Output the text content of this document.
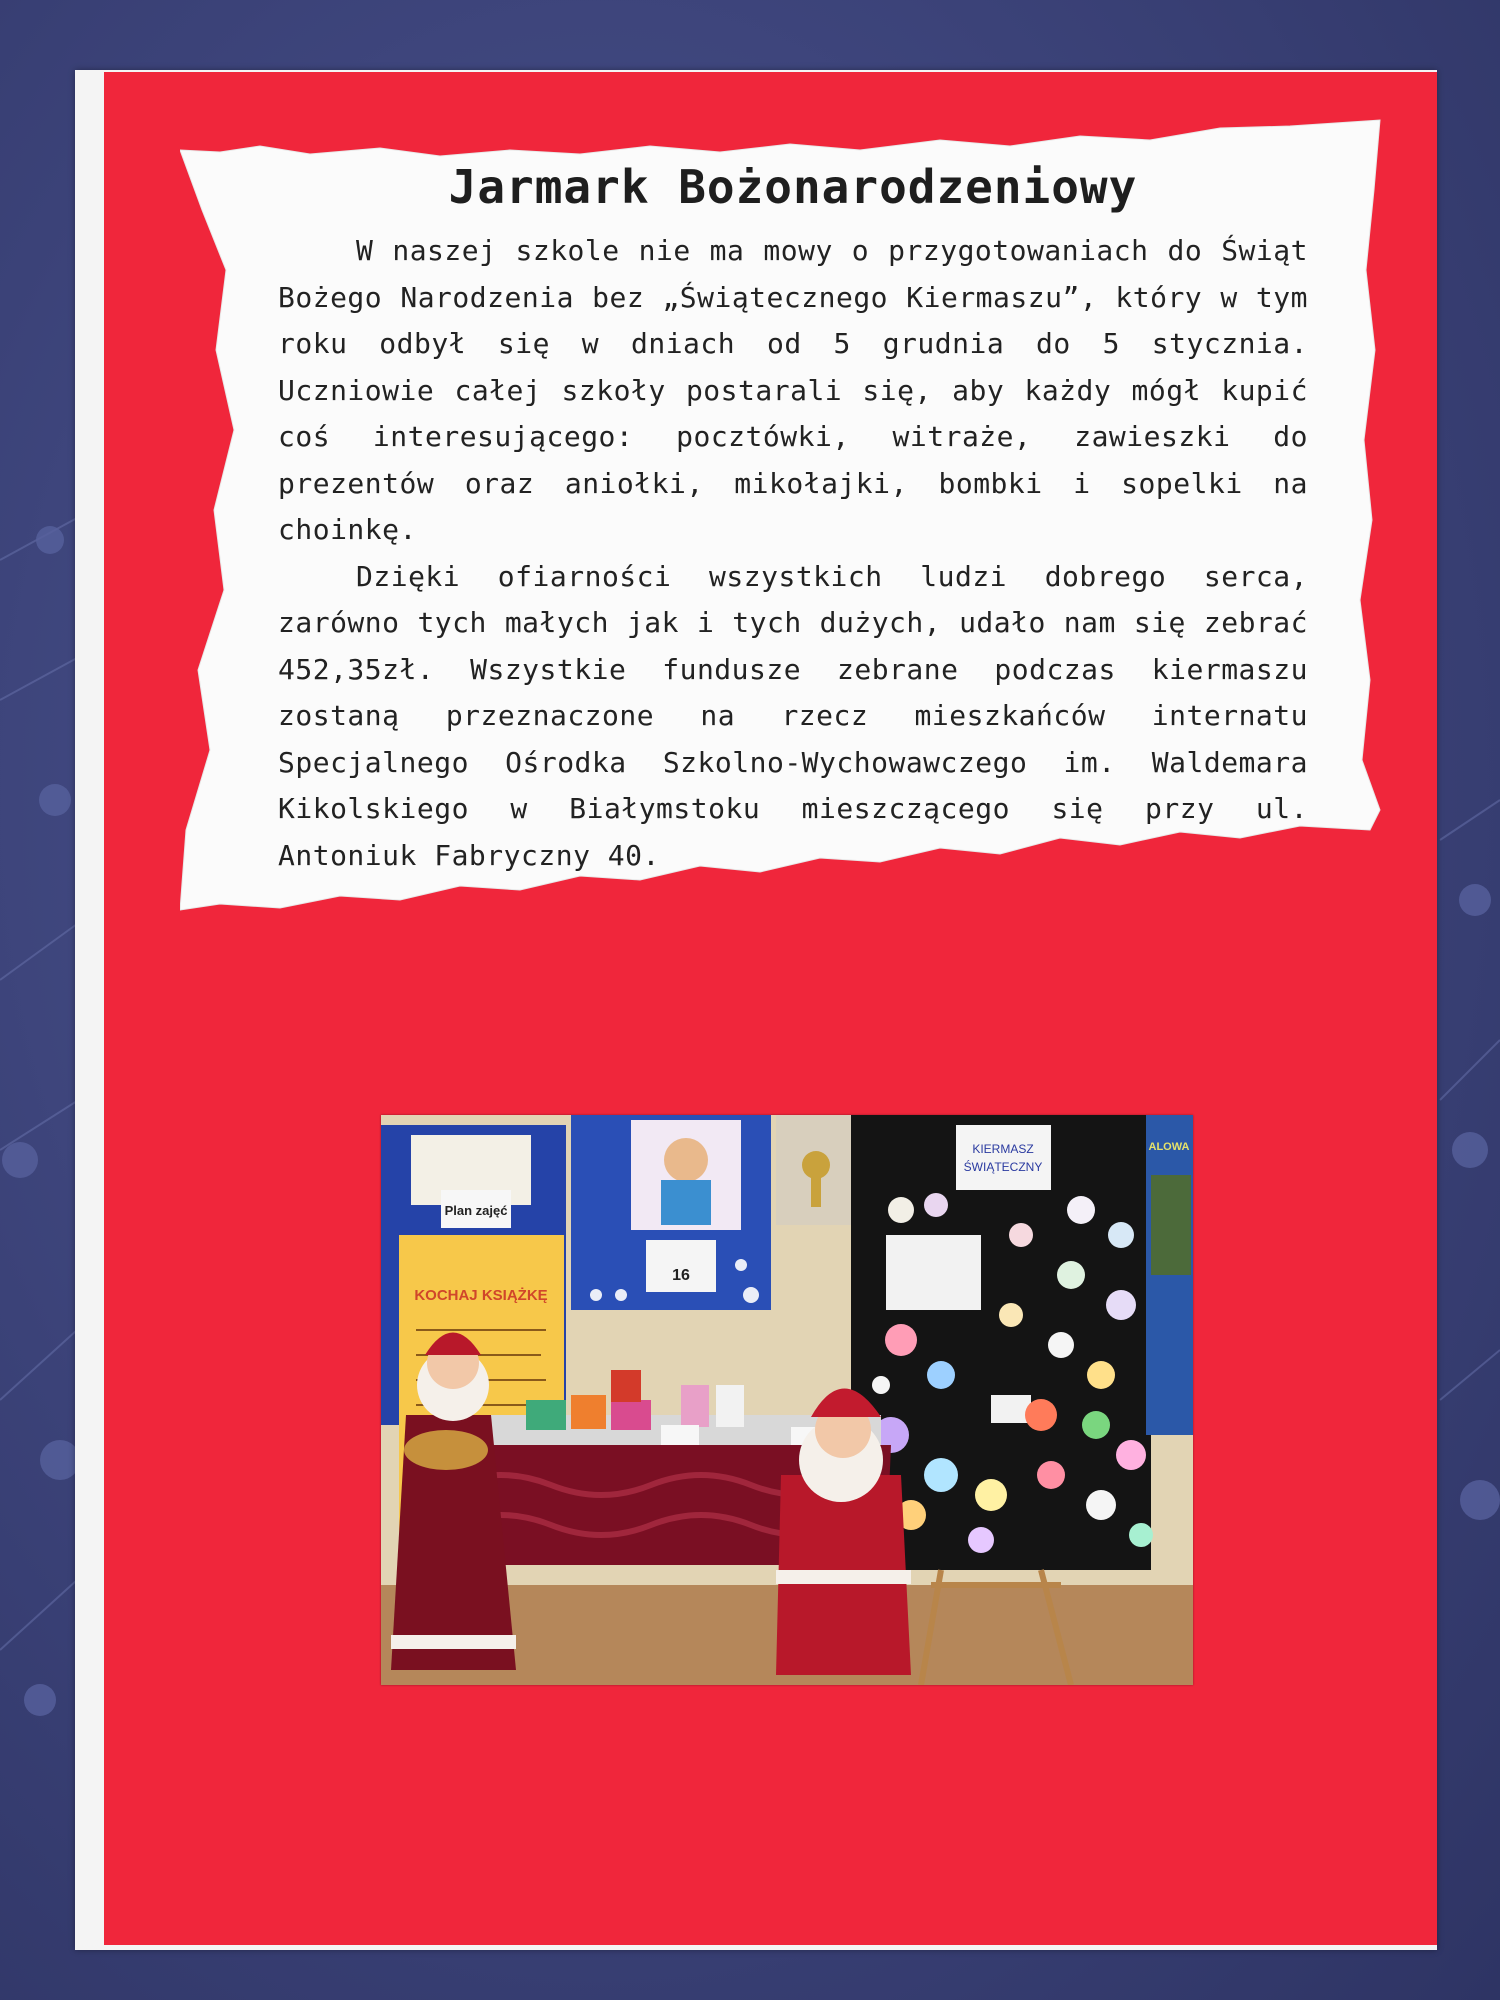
Jarmark Bożonarodzeniowy

W naszej szkole nie ma mowy o przygotowaniach do Świąt Bożego Narodzenia bez „Świątecznego Kiermaszu”, który w tym roku odbył się w dniach od 5 grudnia do 5 stycznia. Uczniowie całej szkoły postarali się, aby każdy mógł kupić coś interesującego: pocztówki, witraże, zawieszki do prezentów oraz aniołki, mikołajki, bombki i sopelki na choinkę.

Dzięki ofiarności wszystkich ludzi dobrego serca, zarówno tych małych jak i tych dużych, udało nam się zebrać 452,35zł. Wszystkie fundusze zebrane podczas kiermaszu zostaną przeznaczone na rzecz mieszkańców internatu Specjalnego Ośrodka Szkolno-Wychowawczego im. Waldemara Kikolskiego w Białymstoku mieszczącego się przy ul. Antoniuk Fabryczny 40.

Plan zajęć
KOCHAJ KSIĄŻKĘ
16
KIERMASZ
ŚWIĄTECZNY
ALOWA
